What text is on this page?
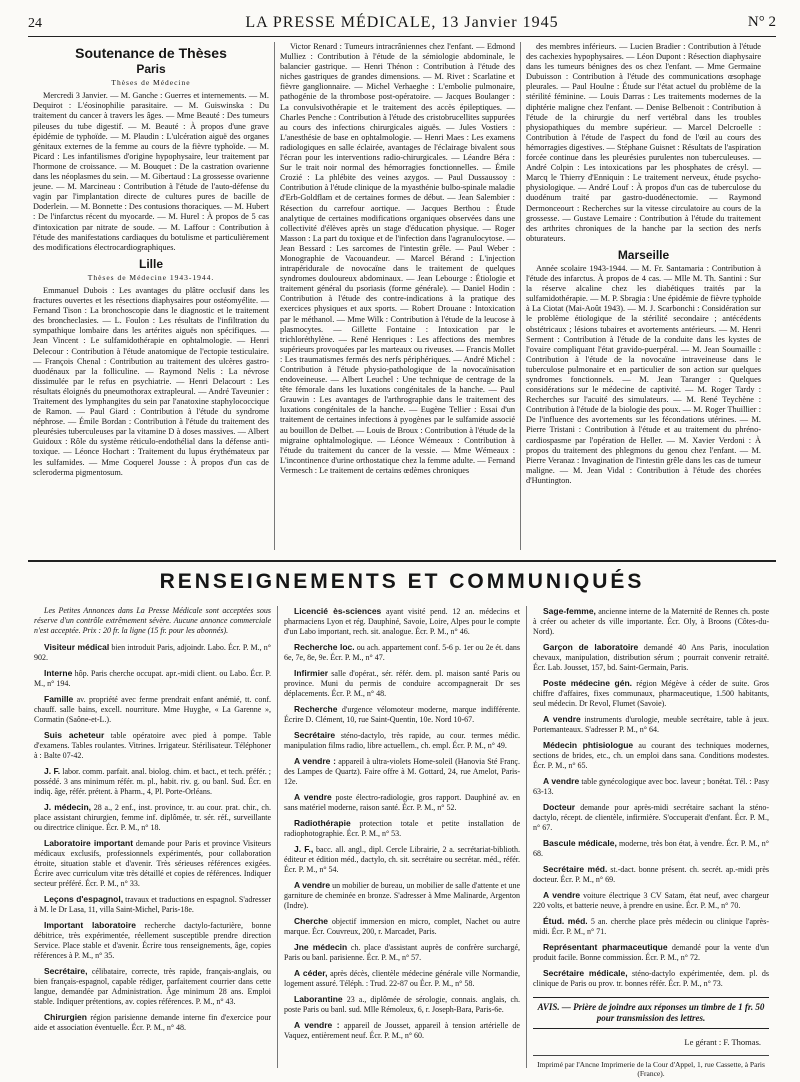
24	LA PRESSE MÉDICALE, 13 Janvier 1945	N° 2
Soutenance de Thèses
Paris
Thèses de Médecine

Mercredi 3 Janvier. — M. Ganche : Guerres et internements. — M. Dequirot : L'éosinophilie parasitaire. — M. Guiswinska : Du traitement du cancer à travers les âges. — Mme Beauté : Des tumeurs pileuses du tube digestif. — M. Beauté : À propos d'une grave épidémie de typhoïde. — M. Plaudin : L'ulcération aiguë des organes génitaux externes de la femme au cours de la fièvre typhoïde. — M. Picard : Les infantilismes d'origine hypophysaire, leur traitement par l'hormone de croissance. — M. Bouquet : De la castration ovarienne dans les néoplasmes du sein. — M. Gibertaud : La grossesse ovarienne jeune. — M. Marcineau : Contribution à l'étude de l'auto-défense du vagin par l'implantation directe de cultures pures de bacille de Doderlein. — M. Bonnette : Des contusions thoraciques. — M. Hubert : De l'infarctus récent du myocarde. — M. Hurel : À propos de 5 cas d'intoxication par nitrate de soude. — M. Laffour : Contribution à l'étude des manifestations cardiaques du botulisme et particulièrement des modifications électrocardiographiques.

Lille
Thèses de Médecine 1943-1944.

Emmanuel Dubois : Les avantages du plâtre occlusif dans les fractures ouvertes et les résections diaphysaires pour ostéomyélite. — Fernand Tison : La bronchoscopie dans le diagnostic et le traitement des broncheclasies. — L. Foulon : Les résultats de l'infiltration du sympathique lombaire dans les artérites aiguës non spécifiques. — Jean Vincent : Le sulfamidothérapie en ophtalmologie. — Henri Delecour : Contribution à l'étude anatomique de l'ectopie testiculaire. — François Chenal : Contribution au traitement des ulcères gastro-duodénaux par la folliculine. — Raymond Nelis : La névrose dissimulée par le refus en psychiatrie. — Henri Delacourt : Les résultats éloignés du pneumothorax extrapleural. — André Taveunier : Traitement des lymphangites du sein par l'anatoxine staphylococcique de Ramon. — Paul Giard : Contribution à l'étude du syndrome néphrose. — Émile Bordan : Contribution à l'étude du traitement des pleurésies tuberculeuses par la vitamine D à doses massives. — Albert Guidoux : Rôle du système réticulo-endothélial dans la défense anti-toxique. — Léonce Hochart : Traitement du lupus érythémateux par les sulfamides. — Mme Coquerel Jousse : À propos d'un cas de scleroderma pigmentosum.

Victor Renard : Tumeurs intracrâniennes chez l'enfant. — Edmond Mulliez : Contribution à l'étude de la sémiologie abdominale, le balancier gastrique. — Henri Thénon : Contribution à l'étude des niches gastriques de grandes dimensions. — M. Rivet : Scarlatine et fièvre ganglionnaire. — Michel Verhaeghe : L'embolie pulmonaire, pathogénie de la thrombose post-opératoire. — Jacques Boulanger : La convulsivothérapie et le traitement des accès épileptiques. — Charles Penche : Contribution à l'étude des cristobrucellites suppurées au cours des infections chirurgicales aiguës. — Jules Vostiers : L'anesthésie de base en ophtalmologie. — Henri Maes : Les examens radiologiques en salle éclairée, avantages de l'éclairage bivalent sous l'écran pour les interventions radio-chirurgicales. — Léandre Béra : Sur le trait noir normal des hémorragies fonctionnelles. — Émile Crozié : La phlébite des veines azygos. — Paul Dussaussoy : Contribution à l'étude clinique de la myasthénie bulbo-spinale maladie d'Erb-Goldflam et de certaines formes de début. — Jean Salembier : Résection du carrefour aortique. — Jacques Berthou : Étude analytique de certaines modifications organiques observées dans une collectivité d'élèves après un stage d'éducation physique. — Roger Masson : La part du toxique et de l'infection dans l'agranulocytose. — Jean Bessard : Les sarcomes de l'intestin grêle. — Paul Weber : Monographie de Vacouandeur. — Marcel Bérand : L'injection intrapéridurale de novocaïne dans le traitement de quelques syndromes douloureux abdominaux. — Jean Lebourge : Étiologie et traitement général du psoriasis (forme générale). — Daniel Hodin : Contribution à l'étude des contre-indications à la pratique des exercices physiques et aux sports. — Robert Drouane : Intoxication par le méthanol. — Mme Wilk : Contribution à l'étude de la leucose à plasmocytes. — Gillette Fontaine : Intoxication par le trichloréthylène. — René Henriques : Les affections des membres supérieurs provoquées par les marteaux ou riveuses. — Francis Mollet : Les traumatismes fermés des nerfs périphériques. — André Michel : Contribution à l'étude physio-pathologique de la novocaïnisation endoveineuse. — Albert Leuchel : Une technique de centrage de la tête fémorale dans les luxations congénitales de la hanche. — Paul Grauwin : Les avantages de l'arthrographie dans le traitement des luxations congénitales de la hanche. — Eugène Tellier : Essai d'un traitement de certaines infections à pyogènes par le sulfamide associé au bouillon de Delbet. — Louis de Broux : Contribution à l'étude de la migraine ophtalmologique. — Léonce Wémeaux : Contribution à l'étude du traitement du cancer de la vessie. — Mme Wémeaux : L'incontinence d'urine orthostatique chez la femme adulte. — Fernand Vermesch : Le traitement de certains œdèmes chroniques

des membres inférieurs. — Lucien Bradier : Contribution à l'étude des cachexies hypophysaires. — Léon Dupont : Résection diaphysaire dans les tumeurs bénignes des os chez l'enfant. — Mme Germaine Dubuisson : Contribution à l'étude des communications œsophage pleurales. — Paul Houlne : Étude sur l'état actuel du problème de la stérilité féminine. — Louis Darras : Les traitements modernes de la diphtérie maligne chez l'enfant. — Denise Belbenoit : Contribution à l'étude de la chirurgie du nerf vertébral dans les troubles physiopathiques du membre supérieur. — Marcel Delcroelle : Contribution à l'étude de l'aspect du fond de l'œil au cours des hémorragies digestives. — Stéphane Guisnet : Résultats de l'aspiration forcée continue dans les pleurésies purulentes non tuberculeuses. — André Colpin : Les intoxications par les phosphates de crésyl. — Marcq le Thierry d'Enniquin : Le traitement nerveux, étude psycho-physiologique. — André Louf : À propos d'un cas de tuberculose du duodénum traité par gastro-duodénectomie. — Raymond Dermonceourt : Recherches sur la vitesse circulatoire au cours de la grossesse. — Gustave Lemaire : Contribution à l'étude du traitement des arthrites chroniques de la hanche par la section des nerfs obturateurs.

Marseille

Année scolaire 1943-1944. — M. Fr. Santamaria : Contribution à l'étude des infarctus. À propos de 4 cas. — Mlle M. Th. Santini : Sur la réserve alcaline chez les diabétiques traités par la sulfamidothérapie. — M. P. Sbragia : Une épidémie de fièvre typhoïde à La Ciotat (Mai-Août 1943). — M. J. Scarbonchi : Considération sur le problème étiologique de la stérilité secondaire ; antécédents obstétricaux ; lésions tubaires et avortements antérieurs. — M. Henri Serment : Contribution à l'étude de la conduite dans les kystes de l'ovaire compliquant l'état gravido-puerpéral. — M. Jean Soumaille : Contribution à l'étude de la novocaïne intraveineuse dans le tuberculose pulmonaire et en particulier de son action sur quelques syndromes fonctionnels. — M. Jean Taranger : Quelques considérations sur le médecine de captivité. — M. Roger Tardy : Recherches sur l'acuité des simulateurs. — M. René Teychène : Contribution à l'étude de la biologie des poux. — M. Roger Thuillier : De l'influence des avortements sur les fécondations utérines. — M. Pierre Tristani : Contribution à l'étude et au traitement du phréno-cardiospasme par l'opération de Heller. — M. Xavier Verdoni : À propos du traitement des phlegmons du genou chez l'enfant. — M. Pierre Veranaz : Invagination de l'intestin grêle dans les cas de tumeur maligne. — M. Jean Vidal : Contribution à l'étude des chorées d'Huntington.

RENSEIGNEMENTS ET COMMUNIQUÉS
Les Petites Annonces dans La Presse Médicale sont acceptées sous réserve d'un contrôle extrêmement sévère. Aucune annonce commerciale n'est acceptée. Prix : 20 fr. la ligne (15 fr. pour les abonnés).
Visiteur médical bien introduit Paris, adjoindr. Labo. Écr. P. M., n° 902.
Interne hôp. Paris cherche occupat. apr.-midi client. ou Labo. Écr. P. M., n° 194.
Famille av. propriété avec ferme prendrait enfant anémié, tt. conf. chauff. salle bains, excell. nourriture. Mme Huyghe, « La Garenne », Cormatin (Saône-et-L.).
Suis acheteur table opératoire avec pied à pompe. Table d'examens. Tables roulantes. Vitrines. Irrigateur. Stérilisateur. Téléphoner à : Balte 07-42.
J. F. labor. comm. parfait. anal. biolog. chim. et bact., et tech. préfér. ; possédé. 3 ans minimum référ. m. pl., habit. riv. g. ou banl. Sud. Écr. en indiq. âge, référ. prétent. à Pharm., 4, Pl. Porte-Orléans.
J. médecin, 28 a., 2 enf., inst. province, tr. au cour. prat. chir., ch. place assistant chirurgien, femme inf. diplômée, tr. sér. réf., surveillante ou directrice clinique. Écr. P. M., n° 18.
Laboratoire important demande pour Paris et province Visiteurs médicaux exclusifs, professionnels expérimentés, pour collaboration étroite, situation stable et d'avenir. Très sérieuses références exigées. Écrire avec curriculum vitæ très détaillé et copies de références. Indiquer secteur préféré. Écr. P. M., n° 33.
Leçons d'espagnol, travaux et traductions en espagnol. S'adresser à M. le Dr Lasa, 11, villa Saint-Michel, Paris-18e.
Important laboratoire recherche dactylo-facturière, bonne débitrice, très expérimentée, réellement susceptible prendre direction Service. Place stable et d'avenir. Écrire tous renseignements, âge, copies références à P. M., n° 35.
Secrétaire, célibataire, correcte, très rapide, français-anglais, ou bien français-espagnol, capable rédiger, parfaitement courrier dans cette langue, demandée par Administration. Âge minimum 28 ans. Emploi stable. Indiquer prétentions, av. copies références. P. M., n° 43.
Chirurgien région parisienne demande interne fin d'exercice pour aide et association éventuelle. Écr. P. M., n° 48.
Licencié ès-sciences ayant visité pend. 12 an. médecins et pharmaciens Lyon et rég. Dauphiné, Savoie, Loire, Alpes pour le compte d'un Labo important, rech. sit. analogue. Écr. P. M., n° 46.
Recherche loc. ou ach. appartement conf. 5-6 p. 1er ou 2e ét. dans 6e, 7e, 8e, 9e. Écr. P. M., n° 47.
Infirmier salle d'opérat., sér. référ. dem. pl. maison santé Paris ou province. Muni du permis de conduire accompagnerait Dr ses déplacements. Écr. P. M., n° 48.
Recherche d'urgence vélomoteur moderne, marque indifférente. Écrire D. Clément, 10, rue Saint-Quentin, 10e. Nord 10-67.
Secrétaire sténo-dactylo, très rapide, au cour. termes médic. manipulation films radio, libre actuellem., ch. empl. Écr. P. M., n° 49.
A vendre : appareil à ultra-violets Home-soleil (Hanovia Sté Franç. des Lampes de Quartz). Faire offre à M. Gottard, 24, rue Amelot, Paris-12e.
A vendre poste électro-radiologie, gros rapport. Dauphiné av. en sans matériel moderne, raison santé. Écr. P. M., n° 52.
Radiothérapie protection totale et petite installation de radiophotographie. Écr. P. M., n° 53.
J. F., bacc. all. angl., dipl. Cercle Librairie, 2 a. secrétariat-biblioth. éditeur et édition méd., dactylo, ch. sit. secrétaire ou secrétar. méd., référ. Écr. P. M., n° 54.
A vendre un mobilier de bureau, un mobilier de salle d'attente et une garniture de cheminée en bronze. S'adresser à Mme Malinarde, Argenton (Indre).
Cherche objectif immersion en micro, complet, Nachet ou autre marque. Écr. Couvreux, 200, r. Marcadet, Paris.
Jne médecin ch. place d'assistant auprès de confrère surchargé, Paris ou banl. parisienne. Écr. P. M., n° 57.
A céder, après décès, clientèle médecine générale ville Normandie, logement assuré. Téléph. : Trud. 22-87 ou Écr. P. M., n° 58.
Laborantine 23 a., diplômée de sérologie, connais. anglais, ch. poste Paris ou banl. sud. Mlle Rémoleux, 6, r. Joseph-Bara, Paris-6e.
A vendre : appareil de Jousset, appareil à tension artérielle de Vaquez, entièrement neuf. Écr. P. M., n° 60.
Sage-femme, ancienne interne de la Maternité de Rennes ch. poste à créer ou acheter ds ville importante. Écr. Oly, à Broons (Côtes-du-Nord).
Garçon de laboratoire demandé 40 Ans Paris, inoculation chevaux, manipulation, distribution sérum ; pourrait convenir retraité. Écr. Lab. Jousset, 157, bd. Saint-Germain, Paris.
Poste médecine gén. région Mégève à céder de suite. Gros chiffre d'affaires, fixes communaux, pharmaceutique, 1.500 habitants, seul médecin. Dr Revol, Flumet (Savoie).
A vendre instruments d'urologie, meuble secrétaire, table à jeux. Portemanteaux. S'adresser P. M., n° 64.
Médecin phtisiologue au courant des techniques modernes, sections de brides, etc., ch. un emploi dans sana. Conditions modestes. Écr. P. M., n° 65.
A vendre table gynécologique avec boc. laveur ; bonétat. Tél. : Pasy 63-13.
Docteur demande pour après-midi secrétaire sachant la sténo-dactylo, récept. de clientèle, infirmière. S'occuperait d'enfant. Écr. P. M., n° 67.
Bascule médicale, moderne, très bon état, à vendre. Écr. P. M., n° 68.
Secrétaire méd. st.-dact. bonne présent. ch. secrét. ap.-midi près docteur. Écr. P. M., n° 69.
A vendre voiture électrique 3 CV Satam, état neuf, avec chargeur 220 volts, et batterie neuve, à prendre en usine. Écr. P. M., n° 70.
Étud. méd. 5 an. cherche place près médecin ou clinique l'après-midi. Écr. P. M., n° 71.
Représentant pharmaceutique demandé pour la vente d'un produit facile. Bonne commission. Écr. P. M., n° 72.
Secrétaire médicale, sténo-dactylo expérimentée, dem. pl. ds clinique de Paris ou prov. tr. bonnes référ. Écr. P. M., n° 73.
AVIS. — Prière de joindre aux réponses un timbre de 1 fr. 50 pour transmission des lettres.
Le gérant : F. Thomas.
Imprimé par l'Ancne Imprimerie de la Cour d'Appel, 1, rue Cassette, à Paris (France).
